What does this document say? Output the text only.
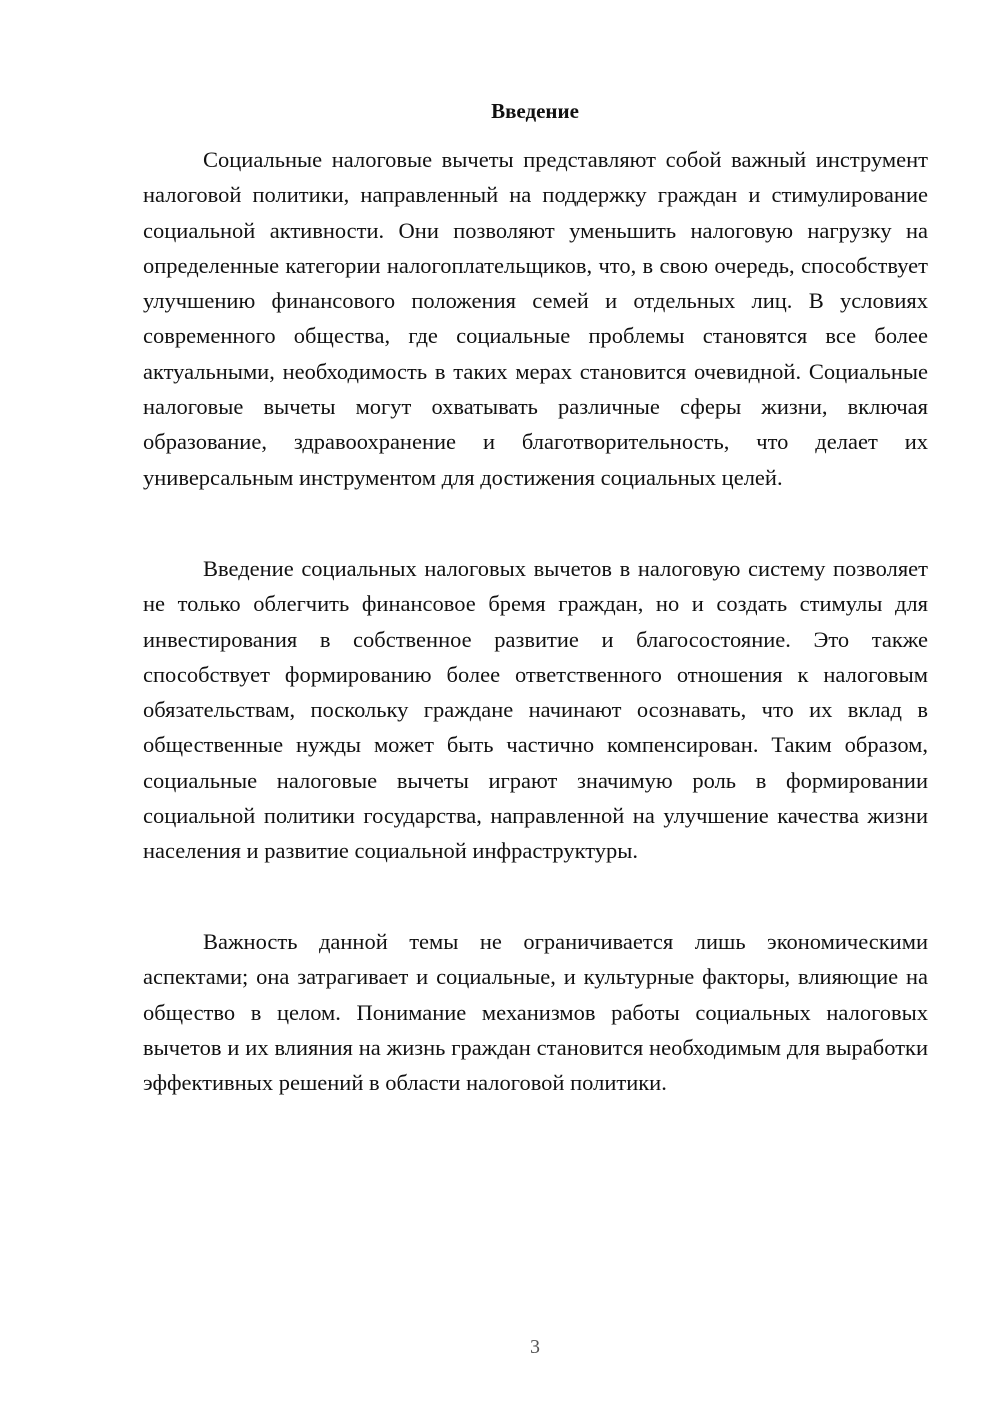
Введение

Социальные налоговые вычеты представляют собой важный инструмент налоговой политики, направленный на поддержку граждан и стимулирование социальной активности. Они позволяют уменьшить налоговую нагрузку на определенные категории налогоплательщиков, что, в свою очередь, способствует улучшению финансового положения семей и отдельных лиц. В условиях современного общества, где социальные проблемы становятся все более актуальными, необходимость в таких мерах становится очевидной. Социальные налоговые вычеты могут охватывать различные сферы жизни, включая образование, здравоохранение и благотворительность, что делает их универсальным инструментом для достижения социальных целей.

Введение социальных налоговых вычетов в налоговую систему позволяет не только облегчить финансовое бремя граждан, но и создать стимулы для инвестирования в собственное развитие и благосостояние. Это также способствует формированию более ответственного отношения к налоговым обязательствам, поскольку граждане начинают осознавать, что их вклад в общественные нужды может быть частично компенсирован. Таким образом, социальные налоговые вычеты играют значимую роль в формировании социальной политики государства, направленной на улучшение качества жизни населения и развитие социальной инфраструктуры.

Важность данной темы не ограничивается лишь экономическими аспектами; она затрагивает и социальные, и культурные факторы, влияющие на общество в целом. Понимание механизмов работы социальных налоговых вычетов и их влияния на жизнь граждан становится необходимым для выработки эффективных решений в области налоговой политики.

3
